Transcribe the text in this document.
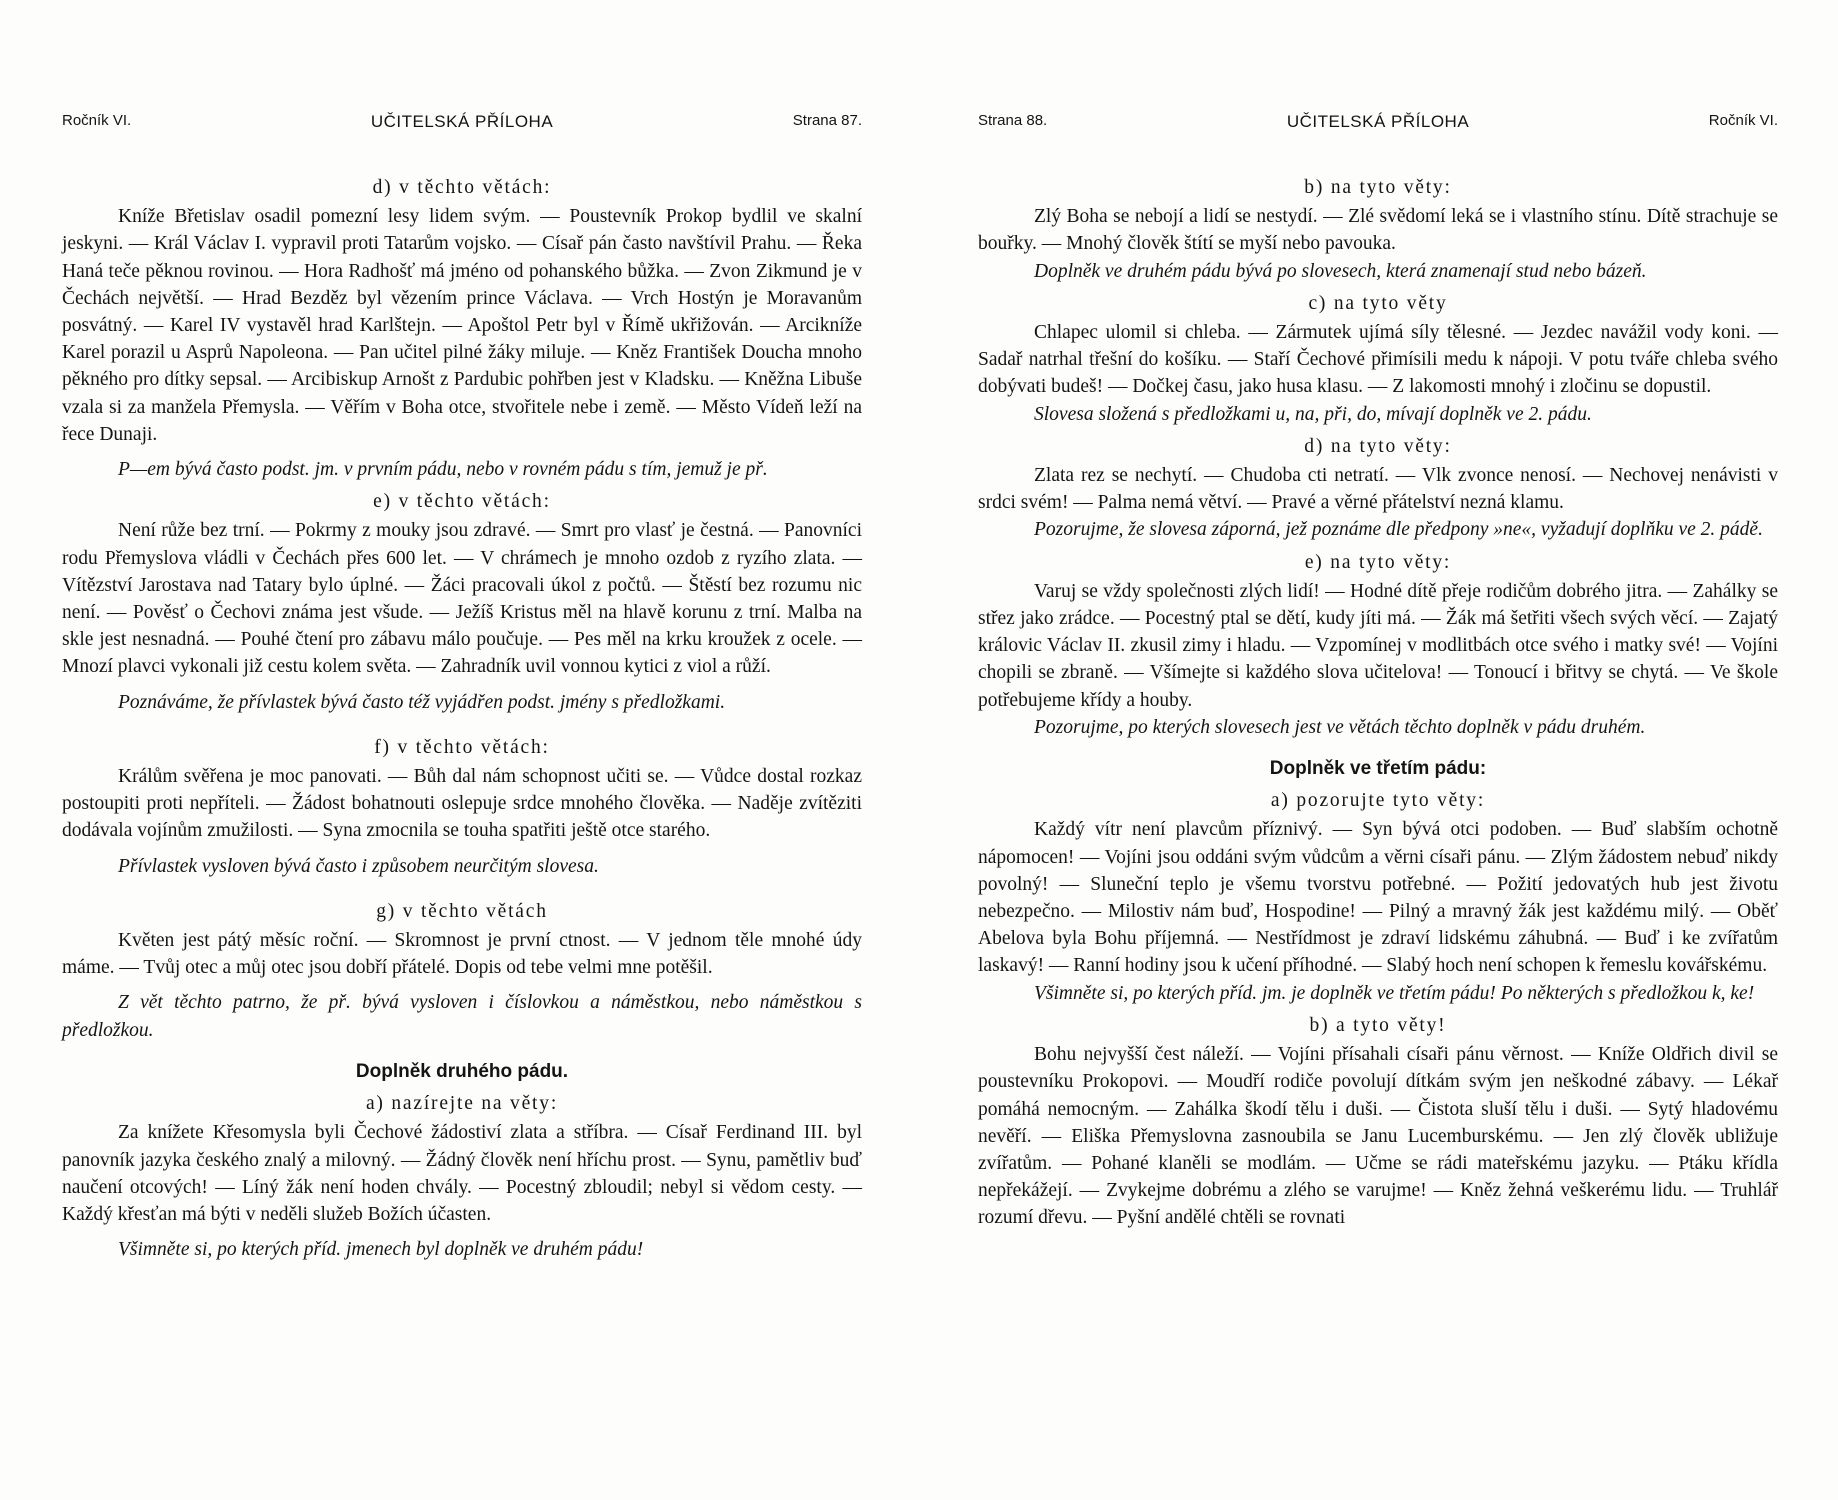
Ročník VI.	UČITELSKÁ PŘÍLOHA	Strana 87.

d) v těchto větách:

Kníže Břetislav osadil pomezní lesy lidem svým. — Poustevník Prokop bydlil ve skalní jeskyni. — Král Václav I. vypravil proti Tatarům vojsko. — Císař pán často navštívil Prahu. — Řeka Haná teče pěknou rovinou. — Hora Radhošť má jméno od pohanského bůžka. — Zvon Zikmund je v Čechách největší. — Hrad Bezděz byl vězením prince Václava. — Vrch Hostýn je Moravanům posvátný. — Karel IV vystavěl hrad Karlštejn. — Apoštol Petr byl v Římě ukřižován. — Arcikníže Karel porazil u Asprů Napoleona. — Pan učitel pilné žáky miluje. — Kněz František Doucha mnoho pěkného pro dítky sepsal. — Arcibiskup Arnošt z Pardubic pohřben jest v Kladsku. — Kněžna Libuše vzala si za manžela Přemysla. — Věřím v Boha otce, stvořitele nebe i země. — Město Vídeň leží na řece Dunaji.

P—em bývá často podst. jm. v prvním pádu, nebo v rovném pádu s tím, jemuž je př.

e) v těchto větách:

Není růže bez trní. — Pokrmy z mouky jsou zdravé. — Smrt pro vlasť je čestná. — Panovníci rodu Přemyslova vládli v Čechách přes 600 let. — V chrámech je mnoho ozdob z ryzího zlata. — Vítězství Jarostava nad Tatary bylo úplné. — Žáci pracovali úkol z počtů. — Štěstí bez rozumu nic není. — Pověsť o Čechovi známa jest všude. — Ježíš Kristus měl na hlavě korunu z trní. Malba na skle jest nesnadná. — Pouhé čtení pro zábavu málo poučuje. — Pes měl na krku kroužek z ocele. — Mnozí plavci vykonali již cestu kolem světa. — Zahradník uvil vonnou kytici z viol a růží.

Poznáváme, že přívlastek bývá často též vyjádřen podst. jmény s předložkami.

f) v těchto větách:

Králům svěřena je moc panovati. — Bůh dal nám schopnost učiti se. — Vůdce dostal rozkaz postoupiti proti nepříteli. — Žádost bohatnouti oslepuje srdce mnohého člověka. — Naděje zvítěziti dodávala vojínům zmužilosti. — Syna zmocnila se touha spatřiti ještě otce starého.

Přívlastek vysloven bývá často i způsobem neurčitým slovesa.

g) v těchto větách

Květen jest pátý měsíc roční. — Skromnost je první ctnost. — V jednom těle mnohé údy máme. — Tvůj otec a můj otec jsou dobří přátelé. Dopis od tebe velmi mne potěšil.

Z vět těchto patrno, že př. bývá vysloven i číslovkou a náměstkou, nebo náměstkou s předložkou.

Doplněk druhého pádu.

a) nazírejte na věty:

Za knížete Křesomysla byli Čechové žádostiví zlata a stříbra. — Císař Ferdinand III. byl panovník jazyka českého znalý a milovný. — Žádný člověk není hříchu prost. — Synu, pamětliv buď naučení otcových! — Líný žák není hoden chvály. — Pocestný zbloudil; nebyl si vědom cesty. — Každý křesťan má býti v neděli služeb Božích účasten.

Všimněte si, po kterých příd. jmenech byl doplněk ve druhém pádu!

Strana 88.	UČITELSKÁ PŘÍLOHA	Ročník VI.

b) na tyto věty:

Zlý Boha se nebojí a lidí se nestydí. — Zlé svědomí leká se i vlastního stínu. Dítě strachuje se bouřky. — Mnohý člověk štítí se myší nebo pavouka.

Doplněk ve druhém pádu bývá po slovesech, která znamenají stud nebo bázeň.

c) na tyto věty

Chlapec ulomil si chleba. — Zármutek ujímá síly tělesné. — Jezdec navážil vody koni. — Sadař natrhal třešní do košíku. — Staří Čechové přimísili medu k nápoji. V potu tváře chleba svého dobývati budeš! — Dočkej času, jako husa klasu. — Z lakomosti mnohý i zločinu se dopustil.

Slovesa složená s předložkami u, na, při, do, mívají doplněk ve 2. pádu.

d) na tyto věty:

Zlata rez se nechytí. — Chudoba cti netratí. — Vlk zvonce nenosí. — Nechovej nenávisti v srdci svém! — Palma nemá větví. — Pravé a věrné přátelství nezná klamu.

Pozorujme, že slovesa záporná, jež poznáme dle předpony »ne«, vyžadují doplňku ve 2. pádě.

e) na tyto věty:

Varuj se vždy společnosti zlých lidí! — Hodné dítě přeje rodičům dobrého jitra. — Zahálky se střez jako zrádce. — Pocestný ptal se dětí, kudy jíti má. — Žák má šetřiti všech svých věcí. — Zajatý královic Václav II. zkusil zimy i hladu. — Vzpomínej v modlitbách otce svého i matky své! — Vojíni chopili se zbraně. — Všímejte si každého slova učitelova! — Tonoucí i břitvy se chytá. — Ve škole potřebujeme křídy a houby.

Pozorujme, po kterých slovesech jest ve větách těchto doplněk v pádu druhém.

Doplněk ve třetím pádu:

a) pozorujte tyto věty:

Každý vítr není plavcům příznivý. — Syn bývá otci podoben. — Buď slabším ochotně nápomocen! — Vojíni jsou oddáni svým vůdcům a věrni císaři pánu. — Zlým žádostem nebuď nikdy povolný! — Sluneční teplo je všemu tvorstvu potřebné. — Požití jedovatých hub jest životu nebezpečno. — Milostiv nám buď, Hospodine! — Pilný a mravný žák jest každému milý. — Oběť Abelova byla Bohu příjemná. — Nestřídmost je zdraví lidskému záhubná. — Buď i ke zvířatům laskavý! — Ranní hodiny jsou k učení příhodné. — Slabý hoch není schopen k řemeslu kovářskému.

Všimněte si, po kterých příd. jm. je doplněk ve třetím pádu! Po některých s předložkou k, ke!

b) a tyto věty!

Bohu nejvyšší čest náleží. — Vojíni přísahali císaři pánu věrnost. — Kníže Oldřich divil se poustevníku Prokopovi. — Moudří rodiče povolují dítkám svým jen neškodné zábavy. — Lékař pomáhá nemocným. — Zahálka škodí tělu i duši. — Čistota sluší tělu i duši. — Sytý hladovému nevěří. — Eliška Přemyslovna zasnoubila se Janu Lucemburskému. — Jen zlý člověk ubližuje zvířatům. — Pohané klaněli se modlám. — Učme se rádi mateřskému jazyku. — Ptáku křídla nepřekážejí. — Zvykejme dobrému a zlého se varujme! — Kněz žehná veškerému lidu. — Truhlář rozumí dřevu. — Pyšní andělé chtěli se rovnati
